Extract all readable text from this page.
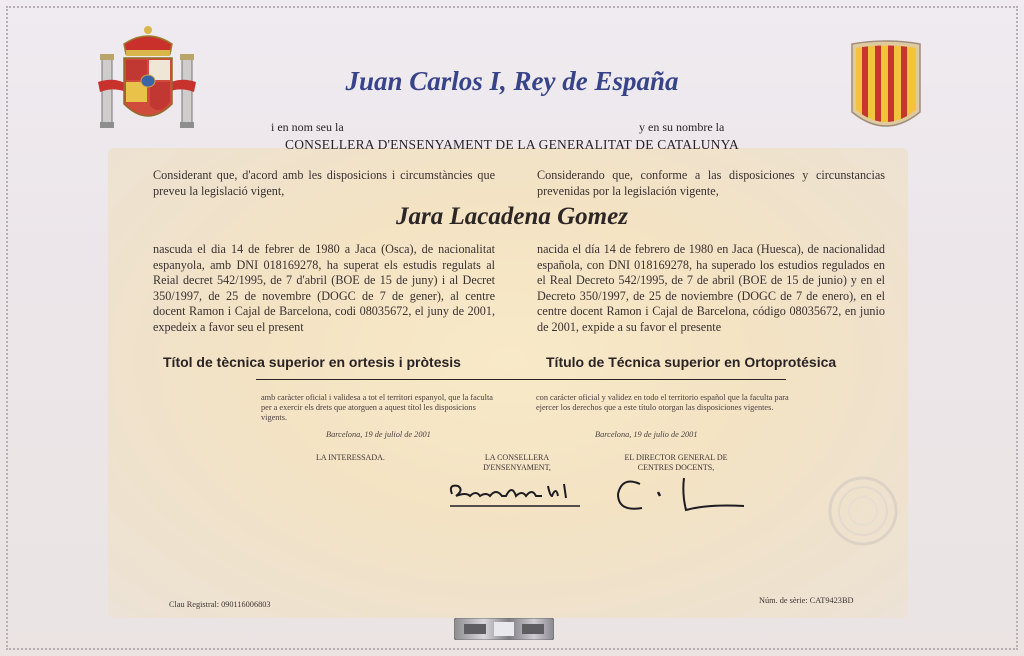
Juan Carlos I, Rey de España
i en nom seu la	y en su nombre la
CONSELLERA D'ENSENYAMENT DE LA GENERALITAT DE CATALUNYA
Considerant que, d'acord amb les disposicions i circumstàncies que preveu la legislació vigent,
Considerando que, conforme a las disposiciones y circunstancias prevenidas por la legislación vigente,
Jara Lacadena Gomez
nascuda el dia 14 de febrer de 1980 a Jaca (Osca), de nacionalitat espanyola, amb DNI 018169278, ha superat els estudis regulats al Reial decret 542/1995, de 7 d'abril (BOE de 15 de juny) i al Decret 350/1997, de 25 de novembre (DOGC de 7 de gener), al centre docent Ramon i Cajal de Barcelona, codi 08035672, el juny de 2001, expedeix a favor seu el present
nacida el día 14 de febrero de 1980 en Jaca (Huesca), de nacionalidad española, con DNI 018169278, ha superado los estudios regulados en el Real Decreto 542/1995, de 7 de abril (BOE de 15 de junio) y en el Decreto 350/1997, de 25 de noviembre (DOGC de 7 de enero), en el centre docent Ramon i Cajal de Barcelona, código 08035672, en junio de 2001, expide a su favor el presente
Títol de tècnica superior en ortesis i pròtesis	Título de Técnica superior en Ortoprotésica
amb caràcter oficial i validesa a tot el territori espanyol, que la faculta per a exercir els drets que atorguen a aquest títol les disposicions vigents.
con carácter oficial y validez en todo el territorio español que la faculta para ejercer los derechos que a este título otorgan las disposiciones vigentes.
Barcelona, 19 de juliol de 2001	Barcelona, 19 de julio de 2001
LA INTERESSADA.	LA CONSELLERA
D'ENSENYAMENT,
EL DIRECTOR GENERAL DE
CENTRES DOCENTS,
Clau Registral: 090116006803	Núm. de sèrie: CAT9423BD
